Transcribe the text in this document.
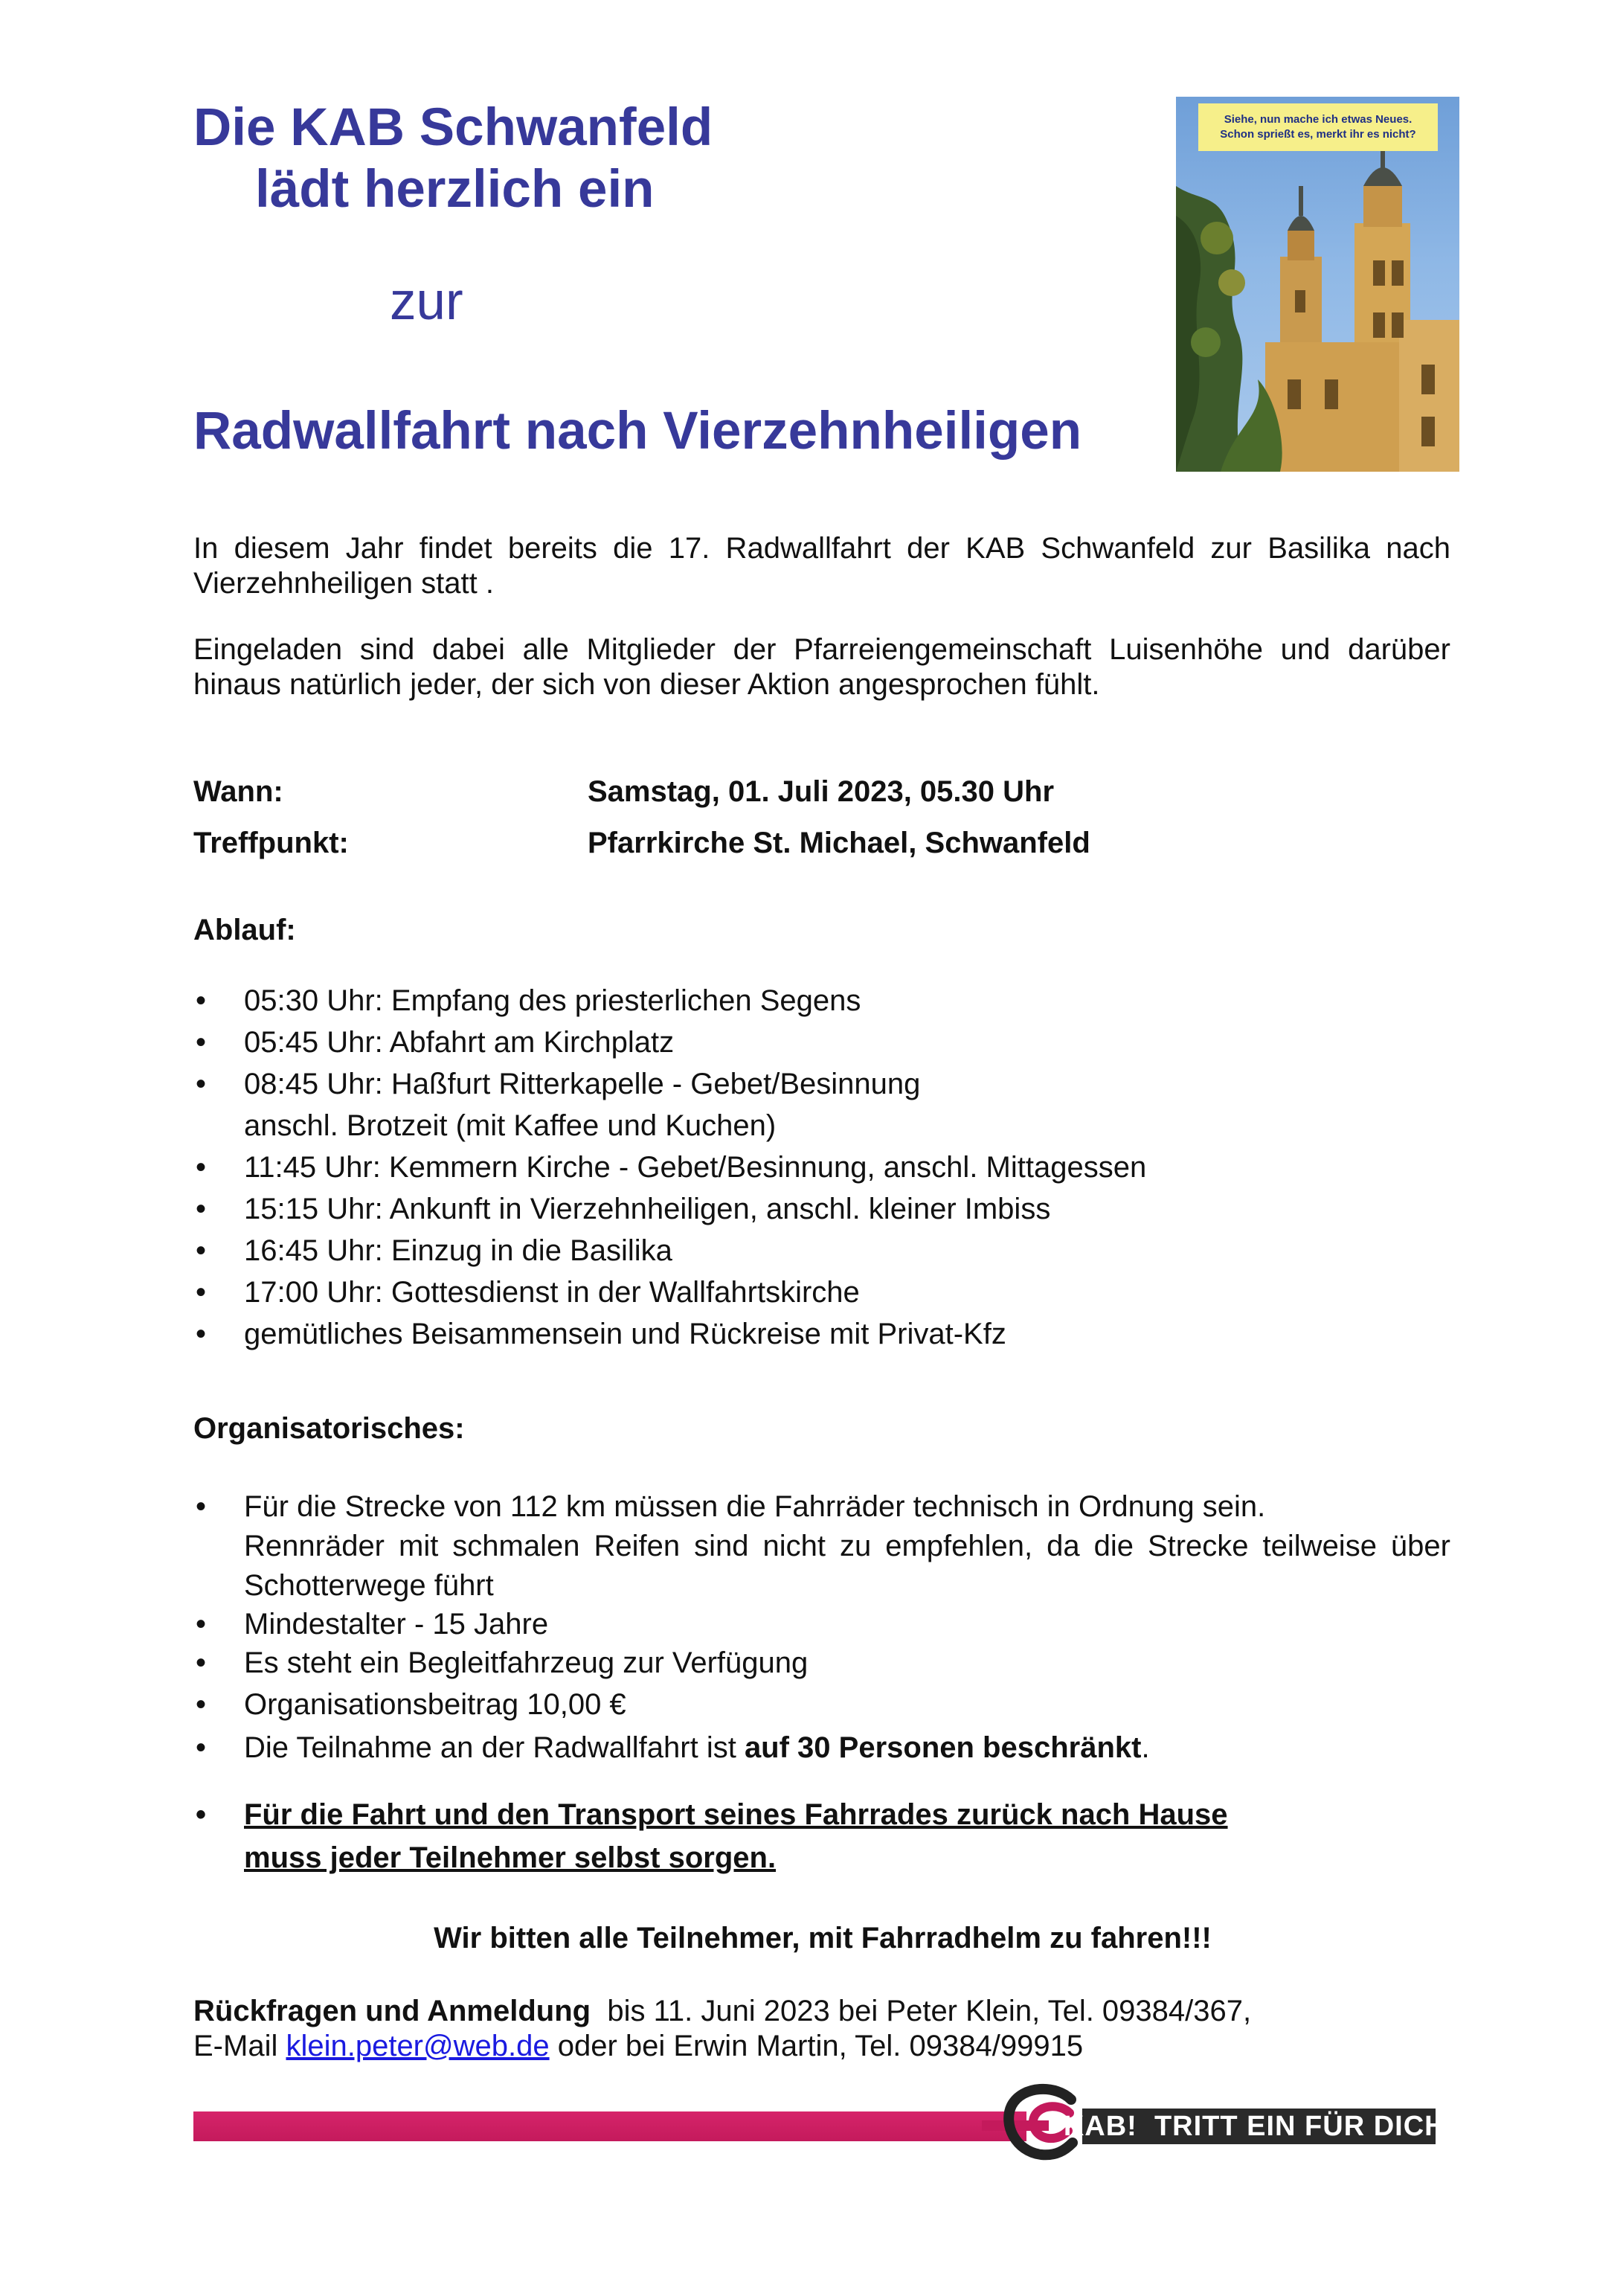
Die KAB Schwanfeld
lädt herzlich ein
zur
Radwallfahrt nach Vierzehnheiligen
Siehe, nun mache ich etwas Neues.
Schon sprießt es, merkt ihr es nicht?
In diesem Jahr findet bereits die 17. Radwallfahrt der KAB Schwanfeld zur Basilika nach Vierzehnheiligen statt .
Eingeladen sind dabei alle Mitglieder der Pfarreiengemeinschaft Luisenhöhe und darüber hinaus natürlich jeder, der sich von dieser Aktion angesprochen fühlt.
Wann:	Samstag, 01. Juli 2023, 05.30 Uhr
Treffpunkt:	Pfarrkirche St. Michael, Schwanfeld
Ablauf:
• 05:30 Uhr: Empfang des priesterlichen Segens
• 05:45 Uhr: Abfahrt am Kirchplatz
• 08:45 Uhr: Haßfurt Ritterkapelle - Gebet/Besinnung
anschl. Brotzeit (mit Kaffee und Kuchen)
• 11:45 Uhr: Kemmern Kirche - Gebet/Besinnung, anschl. Mittagessen
• 15:15 Uhr: Ankunft in Vierzehnheiligen, anschl. kleiner Imbiss
• 16:45 Uhr: Einzug in die Basilika
• 17:00 Uhr: Gottesdienst in der Wallfahrtskirche
• gemütliches Beisammensein und Rückreise mit Privat-Kfz
Organisatorisches:
• Für die Strecke von 112 km müssen die Fahrräder technisch in Ordnung sein.
Rennräder mit schmalen Reifen sind nicht zu empfehlen, da die Strecke teilweise über Schotterwege führt
• Mindestalter - 15 Jahre
• Es steht ein Begleitfahrzeug zur Verfügung
• Organisationsbeitrag 10,00 €
• Die Teilnahme an der Radwallfahrt ist auf 30 Personen beschränkt.
• Für die Fahrt und den Transport seines Fahrrades zurück nach Hause
muss jeder Teilnehmer selbst sorgen.
Wir bitten alle Teilnehmer, mit Fahrradhelm zu fahren!!!
Rückfragen und Anmeldung  bis 11. Juni 2023 bei Peter Klein, Tel. 09384/367,
E-Mail klein.peter@web.de oder bei Erwin Martin, Tel. 09384/99915
KAB!  TRITT EIN FÜR DICH.
